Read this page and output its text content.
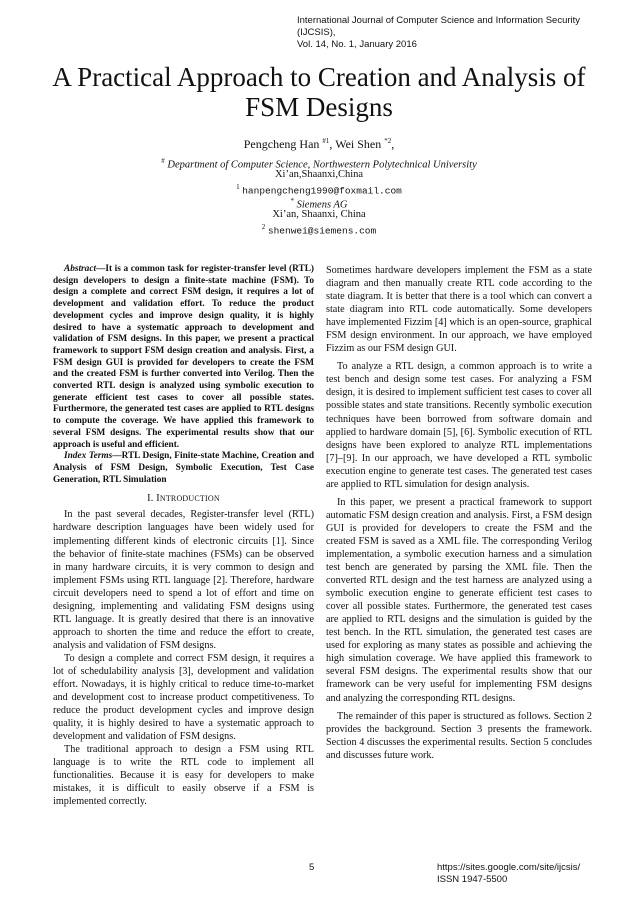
International Journal of Computer Science and Information Security (IJCSIS),
Vol. 14, No. 1, January 2016
A Practical Approach to Creation and Analysis of
FSM Designs
Pengcheng Han $^{\#1}$, Wei Shen $^{*2}$,
# Department of Computer Science, Northwestern Polytechnical University
Xi’an,Shaanxi,China
$^1$ hanpengcheng1990@foxmail.com
* Siemens AG
Xi’an, Shaanxi, China
$^2$ shenwei@siemens.com

Abstract—It is a common task for register-transfer level (RTL) design developers to design a finite-state machine (FSM). To design a complete and correct FSM design, it requires a lot of development and validation effort. To reduce the product development cycles and improve design quality, it is highly desired to have a systematic approach to development and validation of FSM designs. In this paper, we present a practical framework to support FSM design creation and analysis. First, a FSM design GUI is provided for developers to create the FSM and the created FSM is further converted into Verilog. Then the converted RTL design is analyzed using symbolic execution to generate efficient test cases to cover all possible states. Furthermore, the generated test cases are applied to RTL designs to compute the coverage. We have applied this framework to several FSM designs. The experimental results show that our approach is useful and efficient.

Index Terms—RTL Design, Finite-state Machine, Creation and Analysis of FSM Design, Symbolic Execution, Test Case Generation, RTL Simulation

I. INTRODUCTION

In the past several decades, Register-transfer level (RTL) hardware description languages have been widely used for implementing different kinds of electronic circuits [1]. Since the behavior of finite-state machines (FSMs) can be observed in many hardware circuits, it is very common to design and implement FSMs using RTL language [2]. Therefore, hardware circuit developers need to spend a lot of effort and time on designing, implementing and validating FSM designs using RTL language. It is greatly desired that there is an innovative approach to shorten the time and reduce the effort to create, analysis and validation of FSM designs.

To design a complete and correct FSM design, it requires a lot of schedulability analysis [3], development and validation effort. Nowadays, it is highly critical to reduce time-to-market and development cost to increase product competitiveness. To reduce the product development cycles and improve design quality, it is highly desired to have a systematic approach to development and validation of FSM designs.

The traditional approach to design a FSM using RTL language is to write the RTL code to implement all functionalities. Because it is easy for developers to make mistakes, it is difficult to easily observe if a FSM is implemented correctly.

Sometimes hardware developers implement the FSM as a state diagram and then manually create RTL code according to the state diagram. It is better that there is a tool which can convert a state diagram into RTL code automatically. Some developers have implemented Fizzim [4] which is an open-source, graphical FSM design environment. In our approach, we have employed Fizzim as our FSM design GUI.

To analyze a RTL design, a common approach is to write a test bench and design some test cases. For analyzing a FSM design, it is desired to implement sufficient test cases to cover all possible states and state transitions. Recently symbolic execution techniques have been borrowed from software domain and applied to hardware domain [5], [6]. Symbolic execution of RTL designs have been explored to analyze RTL implementations [7]–[9]. In our approach, we have developed a RTL symbolic execution engine to generate test cases. The generated test cases are applied to RTL simulation for design analysis.

In this paper, we present a practical framework to support automatic FSM design creation and analysis. First, a FSM design GUI is provided for developers to create the FSM and the created FSM is saved as a XML file. The corresponding Verilog implementation, a symbolic execution harness and a simulation test bench are generated by parsing the XML file. Then the converted RTL design and the test harness are analyzed using a symbolic execution engine to generate efficient test cases to cover all possible states. Furthermore, the generated test cases are applied to RTL designs and the simulation is guided by the test bench. In the RTL simulation, the generated test cases are used for exploring as many states as possible and achieving the high simulation coverage. We have applied this framework to several FSM designs. The experimental results show that our framework can be very useful for implementing FSM designs and analyzing the corresponding RTL designs.

The remainder of this paper is structured as follows. Section 2 provides the background. Section 3 presents the framework. Section 4 discusses the experimental results. Section 5 concludes and discusses future work.

5	https://sites.google.com/site/ijcsis/
ISSN 1947-5500
